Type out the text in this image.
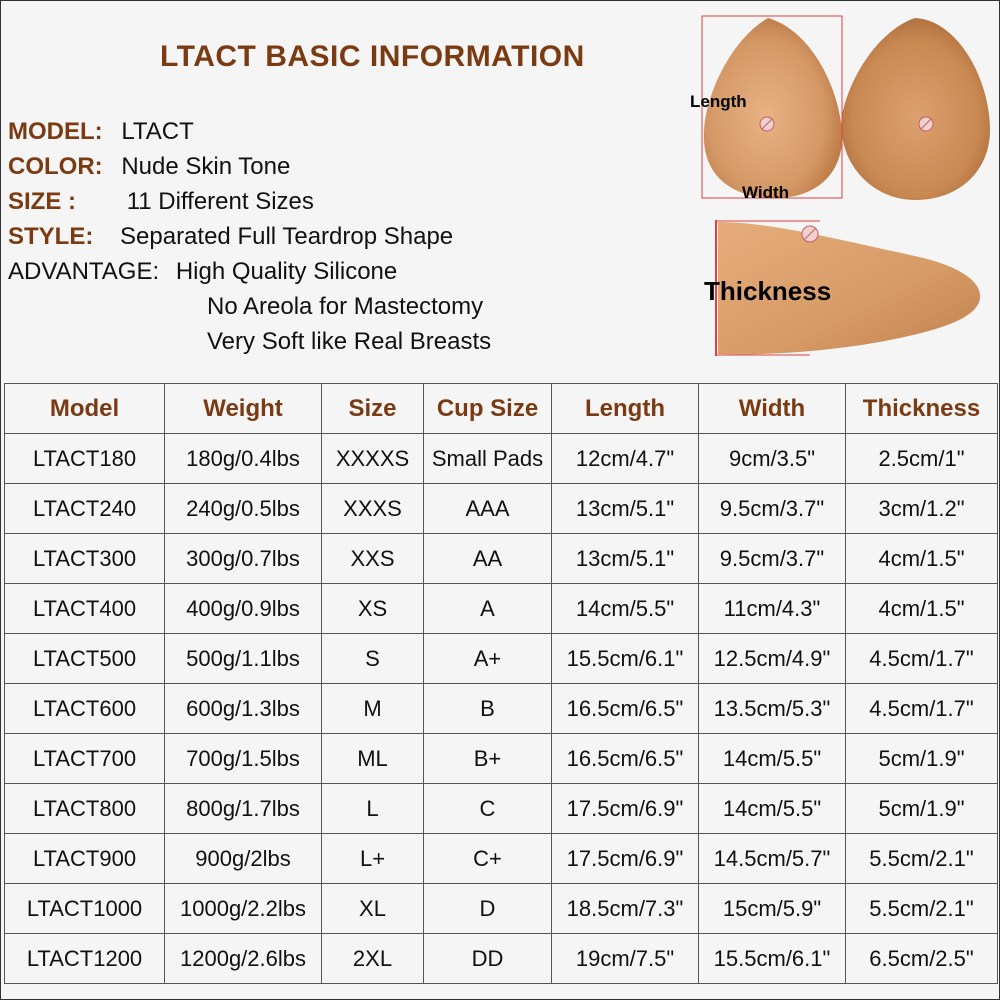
LTACT BASIC INFORMATION
MODEL: LTACT
COLOR: Nude Skin Tone
SIZE : 11 Different Sizes
STYLE: Separated Full Teardrop Shape
ADVANTAGE: High Quality Silicone
No Areola for Mastectomy
Very Soft like Real Breasts
Length
Width
Thickness
Model	Weight	Size	Cup Size	Length	Width	Thickness
LTACT180	180g/0.4lbs	XXXXS	Small Pads	12cm/4.7"	9cm/3.5"	2.5cm/1"
LTACT240	240g/0.5lbs	XXXS	AAA	13cm/5.1"	9.5cm/3.7"	3cm/1.2"
LTACT300	300g/0.7lbs	XXS	AA	13cm/5.1"	9.5cm/3.7"	4cm/1.5"
LTACT400	400g/0.9lbs	XS	A	14cm/5.5"	11cm/4.3"	4cm/1.5"
LTACT500	500g/1.1lbs	S	A+	15.5cm/6.1"	12.5cm/4.9"	4.5cm/1.7"
LTACT600	600g/1.3lbs	M	B	16.5cm/6.5"	13.5cm/5.3"	4.5cm/1.7"
LTACT700	700g/1.5lbs	ML	B+	16.5cm/6.5"	14cm/5.5"	5cm/1.9"
LTACT800	800g/1.7lbs	L	C	17.5cm/6.9"	14cm/5.5"	5cm/1.9"
LTACT900	900g/2lbs	L+	C+	17.5cm/6.9"	14.5cm/5.7"	5.5cm/2.1"
LTACT1000	1000g/2.2lbs	XL	D	18.5cm/7.3"	15cm/5.9"	5.5cm/2.1"
LTACT1200	1200g/2.6lbs	2XL	DD	19cm/7.5"	15.5cm/6.1"	6.5cm/2.5"
